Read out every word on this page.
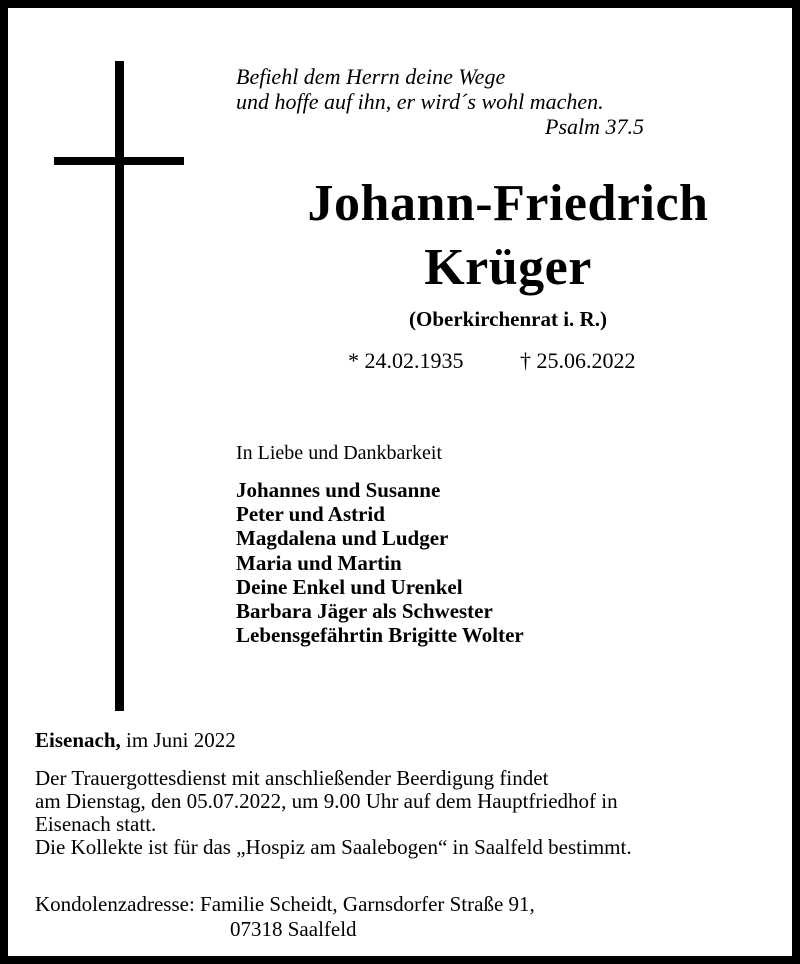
Befiehl dem Herrn deine Wege
und hoffe auf ihn, er wird´s wohl machen.
Psalm 37.5
Johann-Friedrich
Krüger
(Oberkirchenrat i. R.)
* 24.02.1935	† 25.06.2022
In Liebe und Dankbarkeit
Johannes und Susanne
Peter und Astrid
Magdalena und Ludger
Maria und Martin
Deine Enkel und Urenkel
Barbara Jäger als Schwester
Lebensgefährtin Brigitte Wolter
Eisenach, im Juni 2022
Der Trauergottesdienst mit anschließender Beerdigung findet
am Dienstag, den 05.07.2022, um 9.00 Uhr auf dem Hauptfriedhof in
Eisenach statt.
Die Kollekte ist für das „Hospiz am Saalebogen“ in Saalfeld bestimmt.
Kondolenzadresse: Familie Scheidt, Garnsdorfer Straße 91,
07318 Saalfeld
